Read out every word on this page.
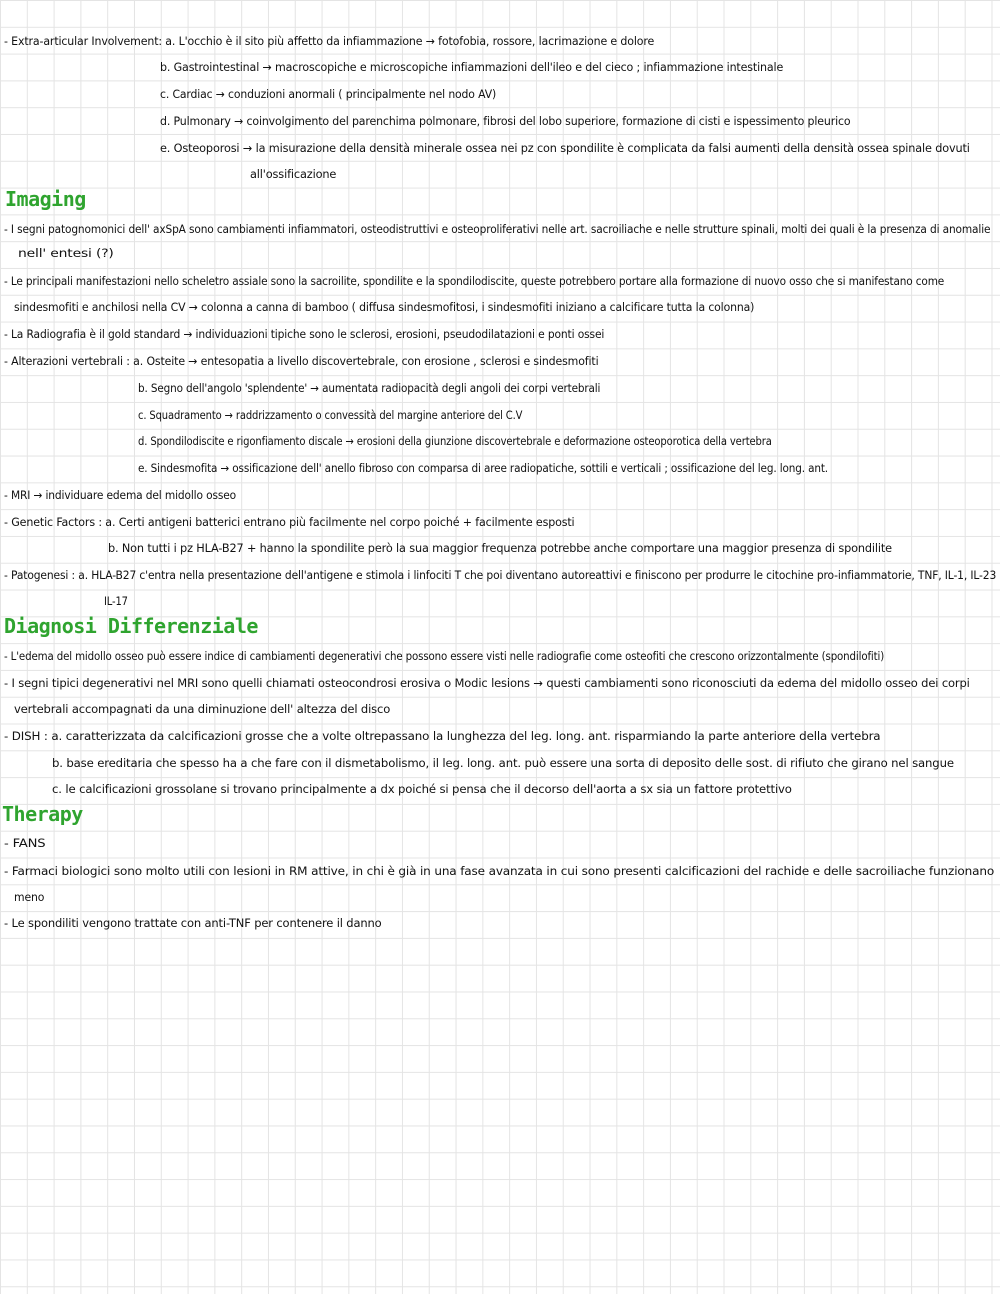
- Extra-articular Involvement: a. L'occhio è il sito più affetto da infiammazione → fotofobia, rossore, lacrimazione e dolore
b. Gastrointestinal → macroscopiche e microscopiche infiammazioni dell'ileo e del cieco ; infiammazione intestinale
c. Cardiac → conduzioni anormali ( principalmente nel nodo AV)
d. Pulmonary → coinvolgimento del parenchima polmonare, fibrosi del lobo superiore, formazione di cisti e ispessimento pleurico
e. Osteoporosi → la misurazione della densità minerale ossea nei pz con spondilite è complicata da falsi aumenti della densità ossea spinale dovuti
all'ossificazione
Imaging
- I segni patognomonici dell' axSpA sono cambiamenti infiammatori, osteodistruttivi e osteoproliferativi nelle art. sacroiliache e nelle strutture spinali, molti dei quali è la presenza di anomalie
nell' entesi (?)
- Le principali manifestazioni nello scheletro assiale sono la sacroilite, spondilite e la spondilodiscite, queste potrebbero portare alla formazione di nuovo osso che si manifestano come
sindesmofiti e anchilosi nella CV → colonna a canna di bamboo ( diffusa sindesmofitosi, i sindesmofiti iniziano a calcificare tutta la colonna)
- La Radiografia è il gold standard → individuazioni tipiche sono le sclerosi, erosioni, pseudodilatazioni e ponti ossei
- Alterazioni vertebrali : a. Osteite → entesopatia a livello discovertebrale, con erosione , sclerosi e sindesmofiti
b. Segno dell'angolo 'splendente' → aumentata radiopacità degli angoli dei corpi vertebrali
c. Squadramento → raddrizzamento o convessità del margine anteriore del C.V
d. Spondilodiscite e rigonfiamento discale → erosioni della giunzione discovertebrale e deformazione osteoporotica della vertebra
e. Sindesmofita → ossificazione dell' anello fibroso con comparsa di aree radiopatiche, sottili e verticali ; ossificazione del leg. long. ant.
- MRI → individuare edema del midollo osseo
- Genetic Factors : a. Certi antigeni batterici entrano più facilmente nel corpo poiché + facilmente esposti
b. Non tutti i pz HLA-B27 + hanno la spondilite però la sua maggior frequenza potrebbe anche comportare una maggior presenza di spondilite
- Patogenesi : a. HLA-B27 c'entra nella presentazione dell'antigene e stimola i linfociti T che poi diventano autoreattivi e finiscono per produrre le citochine pro-infiammatorie, TNF, IL-1, IL-23
IL-17
Diagnosi Differenziale
- L'edema del midollo osseo può essere indice di cambiamenti degenerativi che possono essere visti nelle radiografie come osteofiti che crescono orizzontalmente (spondilofiti)
- I segni tipici degenerativi nel MRI sono quelli chiamati osteocondrosi erosiva o Modic lesions → questi cambiamenti sono riconosciuti da edema del midollo osseo dei corpi
vertebrali accompagnati da una diminuzione dell' altezza del disco
- DISH : a. caratterizzata da calcificazioni grosse che a volte oltrepassano la lunghezza del leg. long. ant. risparmiando la parte anteriore della vertebra
b. base ereditaria che spesso ha a che fare con il dismetabolismo, il leg. long. ant. può essere una sorta di deposito delle sost. di rifiuto che girano nel sangue
c. le calcificazioni grossolane si trovano principalmente a dx poiché si pensa che il decorso dell'aorta a sx sia un fattore protettivo
Therapy
- FANS
- Farmaci biologici sono molto utili con lesioni in RM attive, in chi è già in una fase avanzata in cui sono presenti calcificazioni del rachide e delle sacroiliache funzionano
meno
- Le spondiliti vengono trattate con anti-TNF per contenere il danno
